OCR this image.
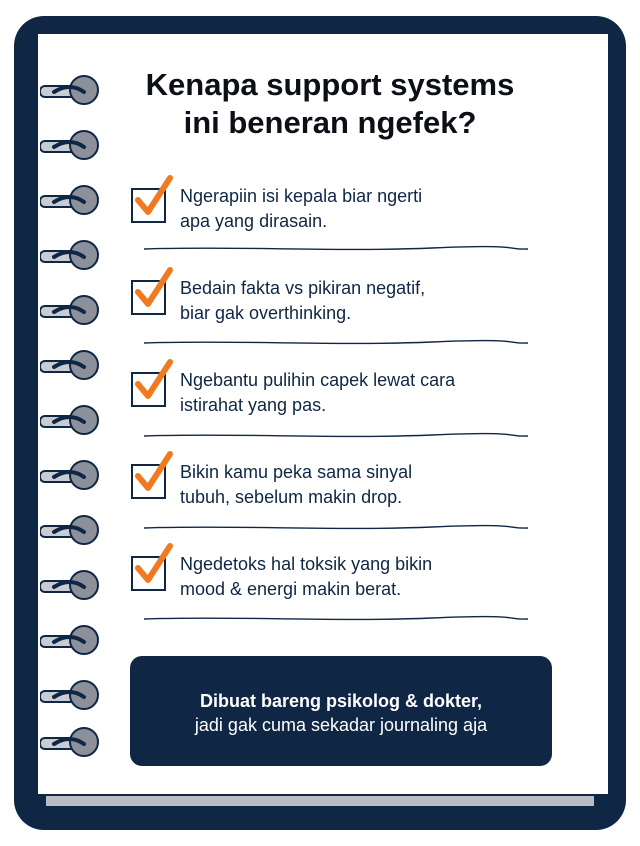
Kenapa support systems
ini beneran ngefek?
Ngerapiin isi kepala biar ngerti
apa yang dirasain.
Bedain fakta vs pikiran negatif,
biar gak overthinking.
Ngebantu pulihin capek lewat cara
istirahat yang pas.
Bikin kamu peka sama sinyal
tubuh, sebelum makin drop.
Ngedetoks hal toksik yang bikin
mood & energi makin berat.
Dibuat bareng psikolog & dokter,
jadi gak cuma sekadar journaling aja
